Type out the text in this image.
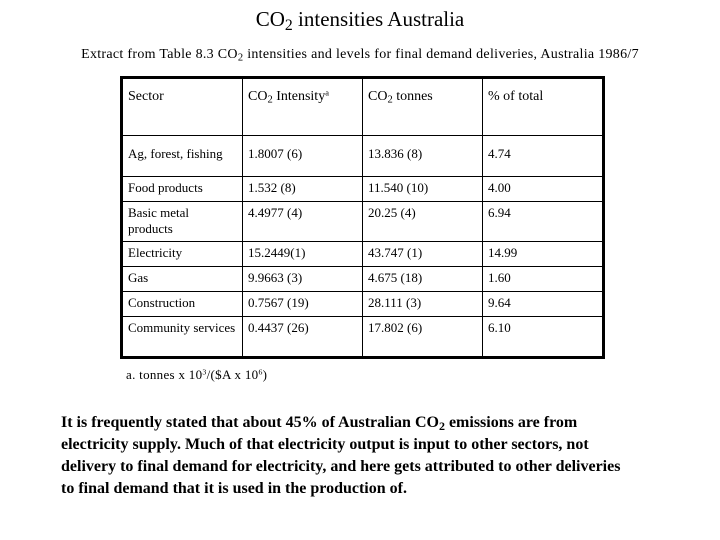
$CO_2$ intensities Australia
Extract from Table 8.3 $CO_2$ intensities and levels for final demand deliveries, Australia 1986/7
Sector	$CO_2$ Intensity$^a$	$CO_2$ tonnes	% of total
Ag, forest, fishing	1.8007 (6)	13.836 (8)	4.74
Food products	1.532 (8)	11.540 (10)	4.00
Basic metal products	4.4977 (4)	20.25 (4)	6.94
Electricity	15.2449(1)	43.747 (1)	14.99
Gas	9.9663 (3)	4.675 (18)	1.60
Construction	0.7567 (19)	28.111 (3)	9.64
Community services	0.4437 (26)	17.802 (6)	6.10
a. tonnes x $10^3/(\$A$ x $10^6$)
It is frequently stated that about 45% of Australian $CO_2$ emissions are from electricity supply. Much of that electricity output is input to other sectors, not delivery to final demand for electricity, and here gets attributed to other deliveries to final demand that it is used in the production of.
